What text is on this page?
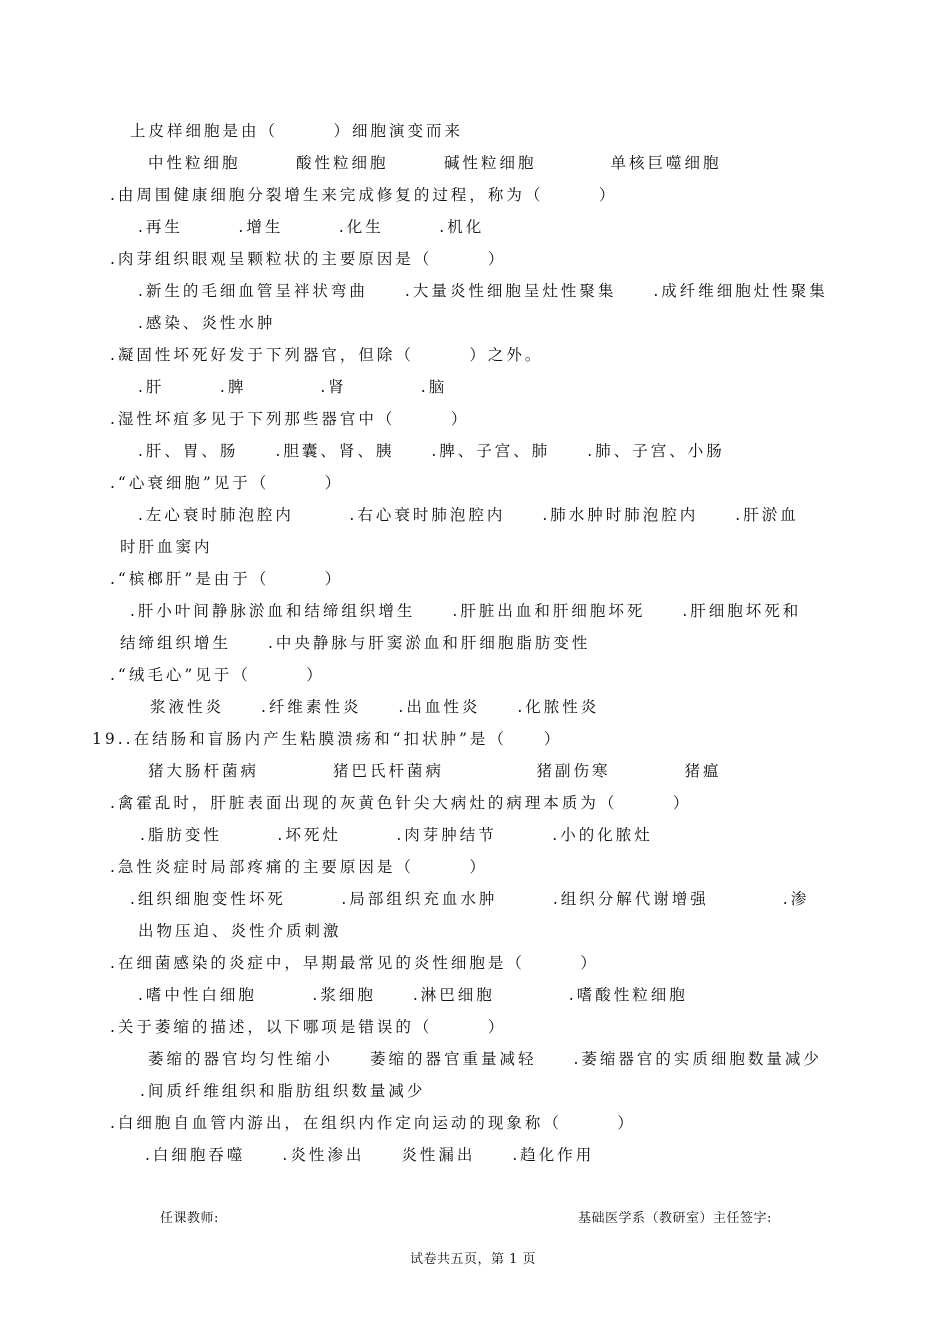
上皮样细胞是由（　　　）细胞演变而来
中性粒细胞　　　酸性粒细胞　　　碱性粒细胞　　　　单核巨噬细胞
.由周围健康细胞分裂增生来完成修复的过程，称为（　　　）
.再生　　　.增生　　　.化生　　　.机化
.肉芽组织眼观呈颗粒状的主要原因是（　　　）
.新生的毛细血管呈袢状弯曲　　.大量炎性细胞呈灶性聚集　　.成纤维细胞灶性聚集
.感染、炎性水肿
.凝固性坏死好发于下列器官，但除（　　　）之外。
.肝　　　.脾　　　　.肾　　　　.脑
.湿性坏疽多见于下列那些器官中（　　　）
.肝、胃、肠　　.胆囊、肾、胰　　.脾、子宫、肺　　.肺、子宫、小肠
.“心衰细胞”见于（　　　）
.左心衰时肺泡腔内　　　.右心衰时肺泡腔内　　.肺水肿时肺泡腔内　　.肝淤血
时肝血窦内
.“槟榔肝”是由于（　　　）
.肝小叶间静脉淤血和结缔组织增生　　.肝脏出血和肝细胞坏死　　.肝细胞坏死和
结缔组织增生　　.中央静脉与肝窦淤血和肝细胞脂肪变性
.“绒毛心”见于（　　　）
浆液性炎　　.纤维素性炎　　.出血性炎　　.化脓性炎
19..在结肠和盲肠内产生粘膜溃疡和“扣状肿”是（　　）
猪大肠杆菌病　　　　猪巴氏杆菌病　　　　　猪副伤寒　　　　猪瘟
.禽霍乱时，肝脏表面出现的灰黄色针尖大病灶的病理本质为（　　　）
.脂肪变性　　　.坏死灶　　　.肉芽肿结节　　　.小的化脓灶
.急性炎症时局部疼痛的主要原因是（　　　）
.组织细胞变性坏死　　　.局部组织充血水肿　　　.组织分解代谢增强　　　　.渗
出物压迫、炎性介质刺激
.在细菌感染的炎症中，早期最常见的炎性细胞是（　　　）
.嗜中性白细胞　　　.浆细胞　　.淋巴细胞　　　　.嗜酸性粒细胞
.关于萎缩的描述，以下哪项是错误的（　　　）
萎缩的器官均匀性缩小　　萎缩的器官重量减轻　　.萎缩器官的实质细胞数量减少
.间质纤维组织和脂肪组织数量减少
.白细胞自血管内游出，在组织内作定向运动的现象称（　　　）
.白细胞吞噬　　.炎性渗出　　炎性漏出　　.趋化作用
任课教师:	基础医学系（教研室）主任签字:
试卷共五页，第 1 页
